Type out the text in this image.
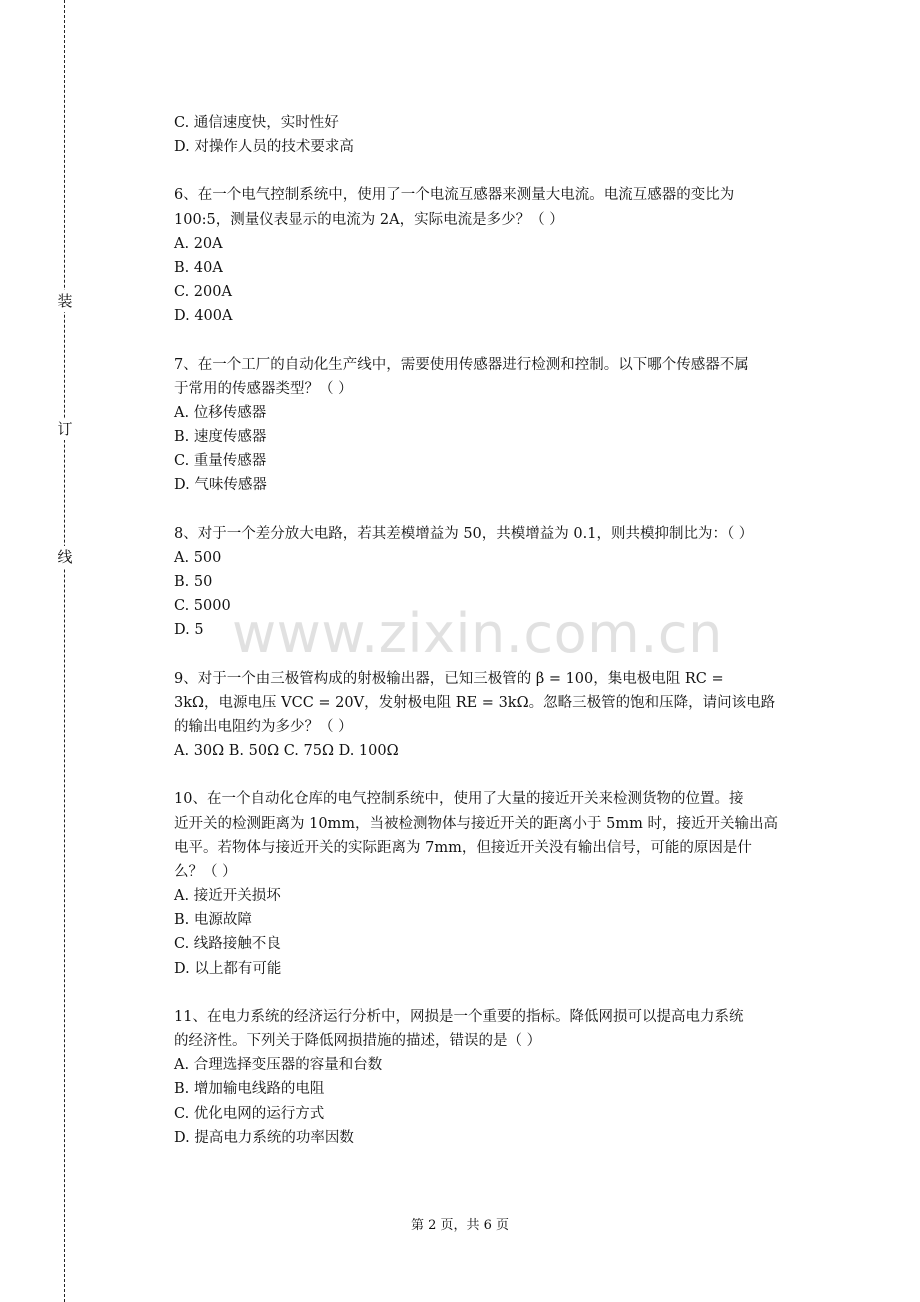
装
订
线
C. 通信速度快，实时性好
D. 对操作人员的技术要求高
6、在一个电气控制系统中，使用了一个电流互感器来测量大电流。电流互感器的变比为
100:5，测量仪表显示的电流为 2A，实际电流是多少？（ ）
A. 20A
B. 40A
C. 200A
D. 400A
7、在一个工厂的自动化生产线中，需要使用传感器进行检测和控制。以下哪个传感器不属
于常用的传感器类型？（ ）
A. 位移传感器
B. 速度传感器
C. 重量传感器
D. 气味传感器
8、对于一个差分放大电路，若其差模增益为 50，共模增益为 0.1，则共模抑制比为：（ ）
A. 500
B. 50
C. 5000
D. 5
9、对于一个由三极管构成的射极输出器，已知三极管的 β = 100，集电极电阻 RC =
3kΩ，电源电压 VCC = 20V，发射极电阻 RE = 3kΩ。忽略三极管的饱和压降，请问该电路
的输出电阻约为多少？（ ）
A. 30Ω B. 50Ω C. 75Ω D. 100Ω
10、在一个自动化仓库的电气控制系统中，使用了大量的接近开关来检测货物的位置。接
近开关的检测距离为 10mm，当被检测物体与接近开关的距离小于 5mm 时，接近开关输出高
电平。若物体与接近开关的实际距离为 7mm，但接近开关没有输出信号，可能的原因是什
么？（ ）
A. 接近开关损坏
B. 电源故障
C. 线路接触不良
D. 以上都有可能
11、在电力系统的经济运行分析中，网损是一个重要的指标。降低网损可以提高电力系统
的经济性。下列关于降低网损措施的描述，错误的是（ ）
A. 合理选择变压器的容量和台数
B. 增加输电线路的电阻
C. 优化电网的运行方式
D. 提高电力系统的功率因数
www.zixin.com.cn
第 2 页，共 6 页
